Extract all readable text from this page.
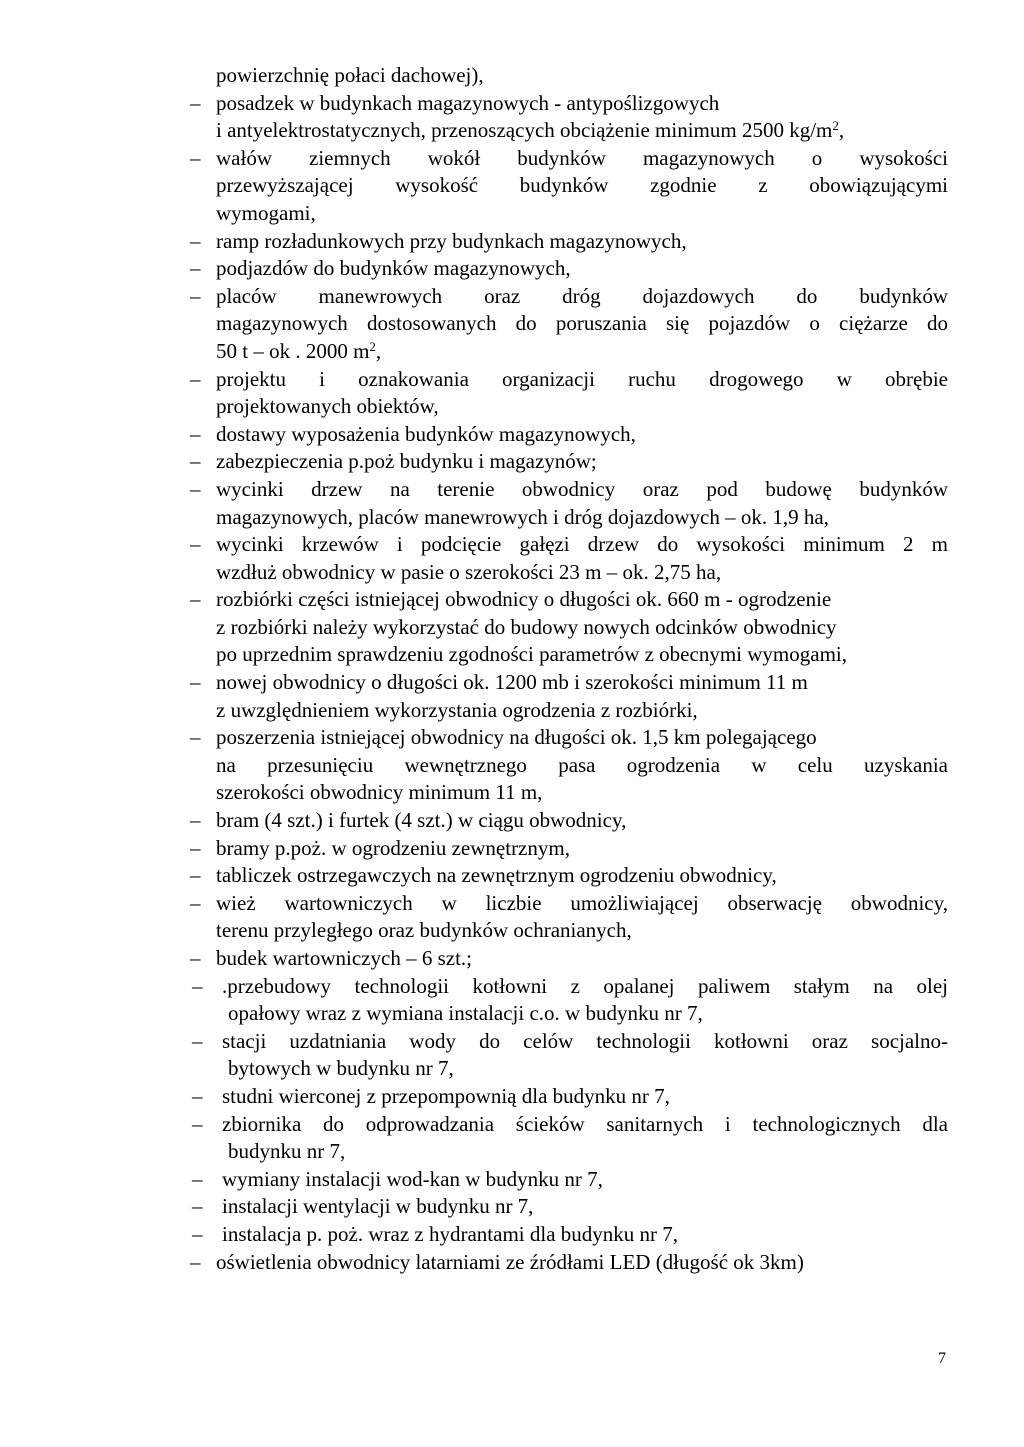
powierzchnię połaci dachowej),
– posadzek w budynkach magazynowych - antypoślizgowych
i antyelektrostatycznych, przenoszących obciążenie minimum 2500 $kg/m^2$,
– wałów ziemnych wokół budynków magazynowych o wysokości
przewyższającej wysokość budynków zgodnie z obowiązującymi
wymogami,
– ramp rozładunkowych przy budynkach magazynowych,
– podjazdów do budynków magazynowych,
– placów manewrowych oraz dróg dojazdowych do budynków
magazynowych dostosowanych do poruszania się pojazdów o ciężarze do
50 t – ok . 2000 $m^2$,
– projektu i oznakowania organizacji ruchu drogowego w obrębie
projektowanych obiektów,
– dostawy wyposażenia budynków magazynowych,
– zabezpieczenia p.poż budynku i magazynów;
– wycinki drzew na terenie obwodnicy oraz pod budowę budynków
magazynowych, placów manewrowych i dróg dojazdowych – ok. 1,9 ha,
– wycinki krzewów i podcięcie gałęzi drzew do wysokości minimum 2 m
wzdłuż obwodnicy w pasie o szerokości 23 m – ok. 2,75 ha,
– rozbiórki części istniejącej obwodnicy o długości ok. 660 m - ogrodzenie
z rozbiórki należy wykorzystać do budowy nowych odcinków obwodnicy
po uprzednim sprawdzeniu zgodności parametrów z obecnymi wymogami,
– nowej obwodnicy o długości ok. 1200 mb i szerokości minimum 11 m
z uwzględnieniem wykorzystania ogrodzenia z rozbiórki,
– poszerzenia istniejącej obwodnicy na długości ok. 1,5 km polegającego
na przesunięciu wewnętrznego pasa ogrodzenia w celu uzyskania
szerokości obwodnicy minimum 11 m,
– bram (4 szt.) i furtek (4 szt.) w ciągu obwodnicy,
– bramy p.poż. w ogrodzeniu zewnętrznym,
– tabliczek ostrzegawczych na zewnętrznym ogrodzeniu obwodnicy,
– wież wartowniczych w liczbie umożliwiającej obserwację obwodnicy,
terenu przyległego oraz budynków ochranianych,
– budek wartowniczych – 6 szt.;
– .przebudowy technologii kotłowni z opalanej paliwem stałym na olej
opałowy wraz z wymiana instalacji c.o. w budynku nr 7,
– stacji uzdatniania wody do celów technologii kotłowni oraz socjalno-
bytowych w budynku nr 7,
– studni wierconej z przepompownią dla budynku nr 7,
– zbiornika do odprowadzania ścieków sanitarnych i technologicznych dla
budynku nr 7,
– wymiany instalacji wod-kan w budynku nr 7,
– instalacji wentylacji w budynku nr 7,
– instalacja p. poż. wraz z hydrantami dla budynku nr 7,
– oświetlenia obwodnicy latarniami ze źródłami LED (długość ok 3km)
7
